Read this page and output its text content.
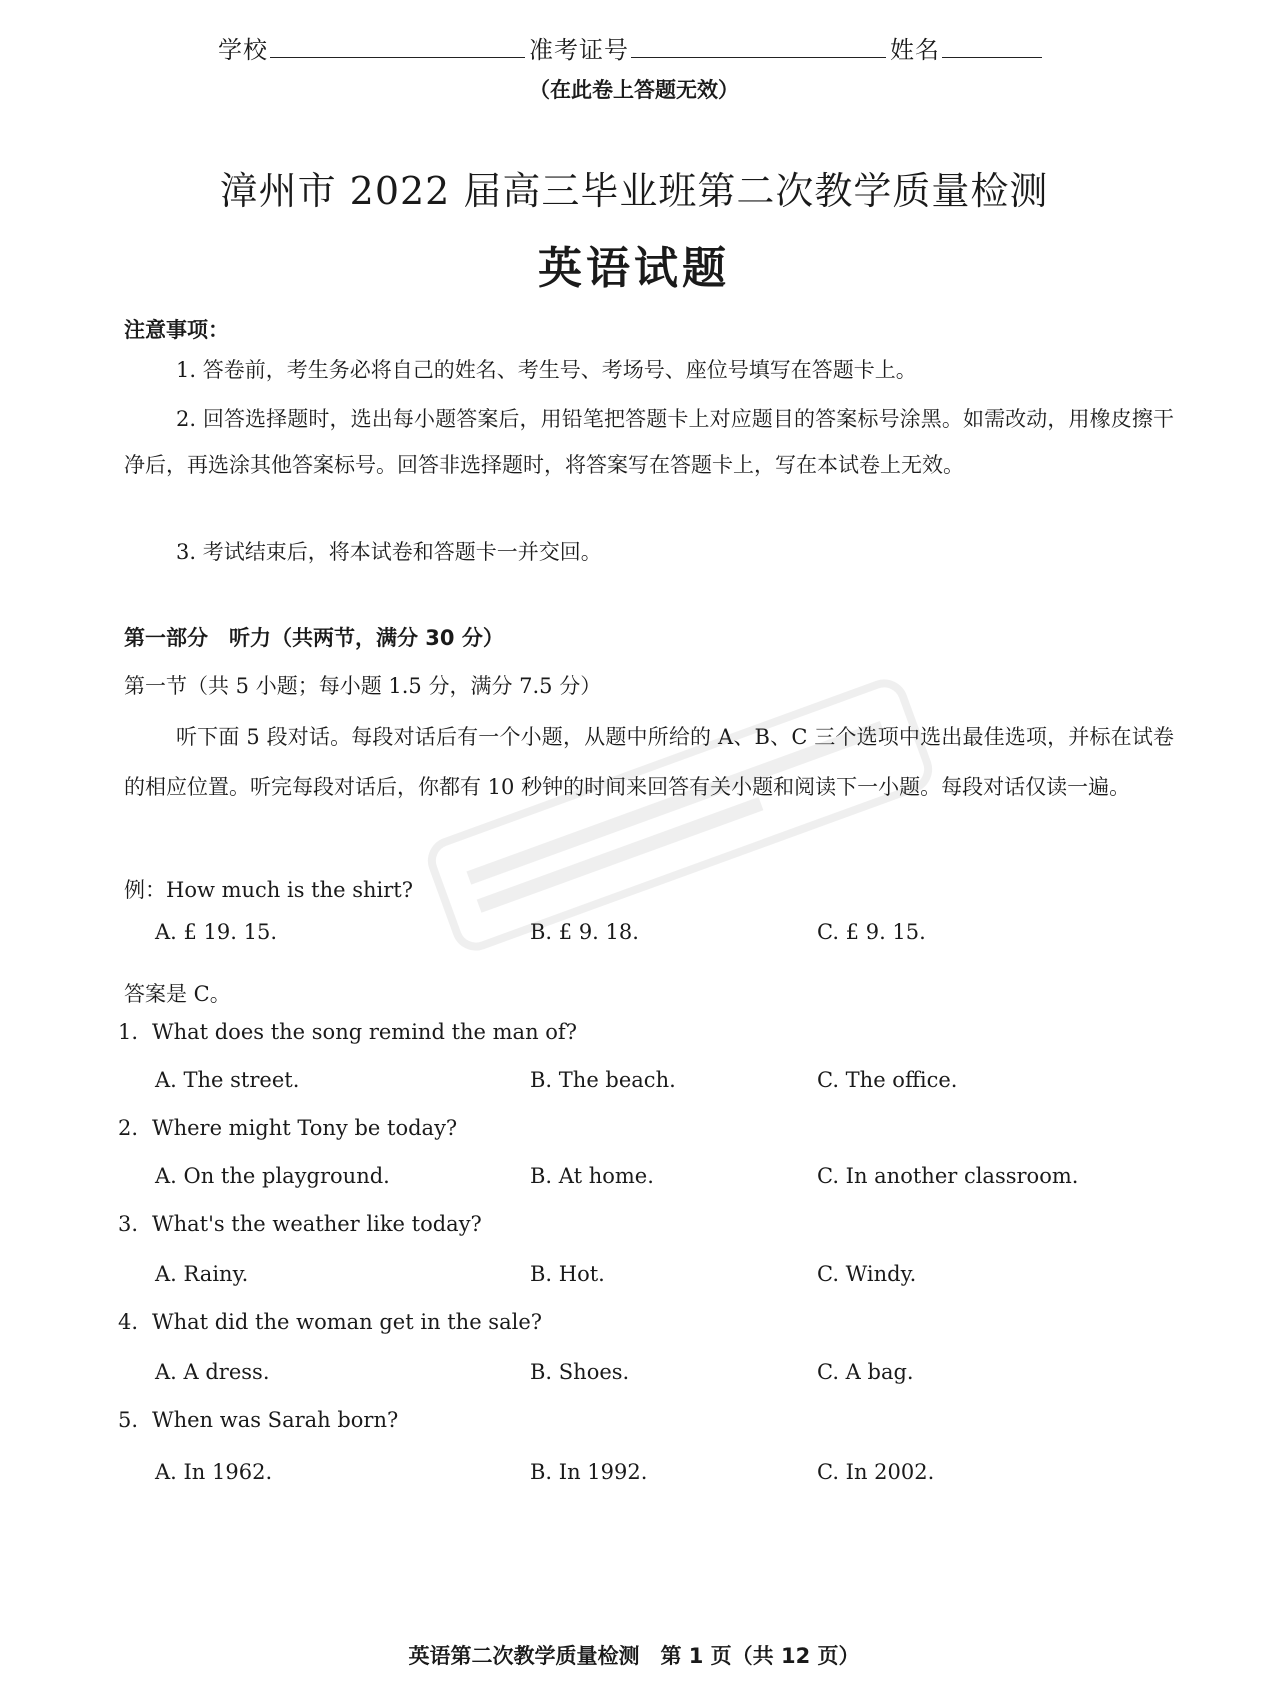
学校	准考证号	姓名
（在此卷上答题无效）
漳州市 2022 届高三毕业班第二次教学质量检测
英语试题
注意事项：
1. 答卷前，考生务必将自己的姓名、考生号、考场号、座位号填写在答题卡上。
2. 回答选择题时，选出每小题答案后，用铅笔把答题卡上对应题目的答案标号涂黑。如需改动，用橡皮擦干净后，再选涂其他答案标号。回答非选择题时，将答案写在答题卡上，写在本试卷上无效。
3. 考试结束后，将本试卷和答题卡一并交回。
第一部分　听力（共两节，满分 30 分）
第一节（共 5 小题；每小题 1.5 分，满分 7.5 分）
听下面 5 段对话。每段对话后有一个小题，从题中所给的 A、B、C 三个选项中选出最佳选项，并标在试卷的相应位置。听完每段对话后，你都有 10 秒钟的时间来回答有关小题和阅读下一小题。每段对话仅读一遍。
例：How much is the shirt?
A. £ 19. 15.	B. £ 9. 18.	C. £ 9. 15.
答案是 C。
1. What does the song remind the man of?
A. The street.	B. The beach.	C. The office.
2. Where might Tony be today?
A. On the playground.	B. At home.	C. In another classroom.
3. What's the weather like today?
A. Rainy.	B. Hot.	C. Windy.
4. What did the woman get in the sale?
A. A dress.	B. Shoes.	C. A bag.
5. When was Sarah born?
A. In 1962.	B. In 1992.	C. In 2002.
英语第二次教学质量检测　第 1 页（共 12 页）
